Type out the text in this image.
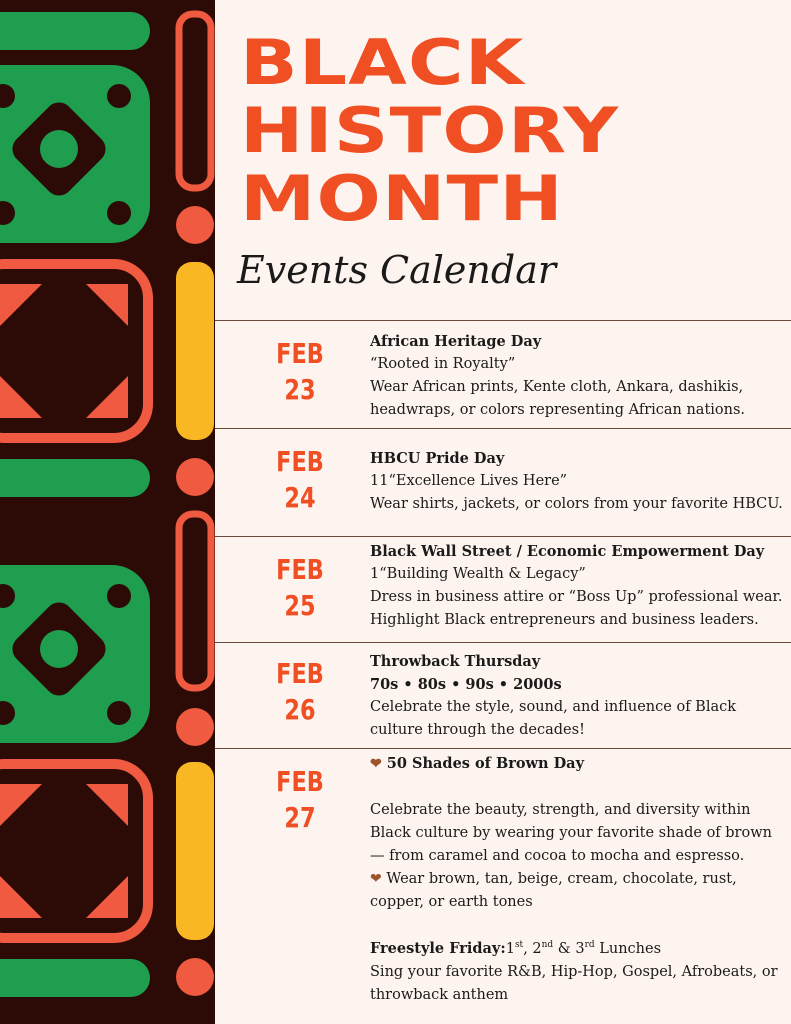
BLACK
HISTORY
MONTH
Events Calendar
FEB
23
African Heritage Day
“Rooted in Royalty”
Wear African prints, Kente cloth, Ankara, dashikis, headwraps, or colors representing African nations.
FEB
24
HBCU Pride Day
11“Excellence Lives Here”
Wear shirts, jackets, or colors from your favorite HBCU.
FEB
25
Black Wall Street / Economic Empowerment Day
1“Building Wealth & Legacy”
Dress in business attire or “Boss Up” professional wear.
Highlight Black entrepreneurs and business leaders.
FEB
26
Throwback Thursday
70s • 80s • 90s • 2000s
Celebrate the style, sound, and influence of Black culture through the decades!
FEB
27
❤ 50 Shades of Brown Day
Celebrate the beauty, strength, and diversity within Black culture by wearing your favorite shade of brown — from caramel and cocoa to mocha and espresso.
❤ Wear brown, tan, beige, cream, chocolate, rust, copper, or earth tones
Freestyle Friday:1st, 2nd & 3rd Lunches
Sing your favorite R&B, Hip-Hop, Gospel, Afrobeats, or throwback anthem
